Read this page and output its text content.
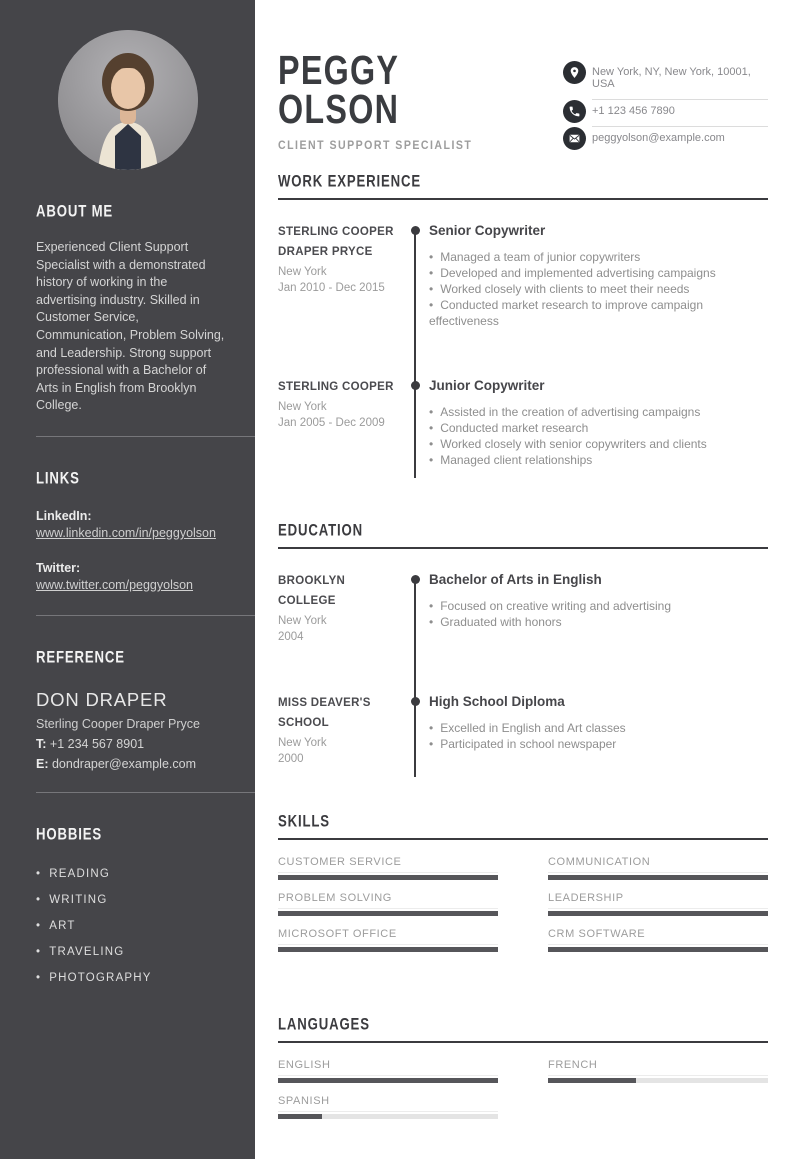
ABOUT ME

Experienced Client Support Specialist with a demonstrated history of working in the advertising industry. Skilled in Customer Service, Communication, Problem Solving, and Leadership. Strong support professional with a Bachelor of Arts in English from Brooklyn College.

LINKS
LinkedIn:
www.linkedin.com/in/peggyolson
Twitter:
www.twitter.com/peggyolson
REFERENCE
DON DRAPER
Sterling Cooper Draper Pryce
T: +1 234 567 8901
E: dondraper@example.com
HOBBIES
• READING
• WRITING
• ART
• TRAVELING
• PHOTOGRAPHY
PEGGY
OLSON
CLIENT SUPPORT SPECIALIST
New York, NY, New York, 10001, USA
+1 123 456 7890
peggyolson@example.com
WORK EXPERIENCE
STERLING COOPER DRAPER PRYCE
New York
Jan 2010 - Dec 2015
Senior Copywriter
• Managed a team of junior copywriters
• Developed and implemented advertising campaigns
• Worked closely with clients to meet their needs
• Conducted market research to improve campaign effectiveness
STERLING COOPER
New York
Jan 2005 - Dec 2009
Junior Copywriter
• Assisted in the creation of advertising campaigns
• Conducted market research
• Worked closely with senior copywriters and clients
• Managed client relationships
EDUCATION
BROOKLYN COLLEGE
New York
2004
Bachelor of Arts in English
• Focused on creative writing and advertising
• Graduated with honors
MISS DEAVER'S SCHOOL
New York
2000
High School Diploma
• Excelled in English and Art classes
• Participated in school newspaper
SKILLS
CUSTOMER SERVICE	COMMUNICATION
PROBLEM SOLVING	LEADERSHIP
MICROSOFT OFFICE	CRM SOFTWARE
LANGUAGES
ENGLISH	FRENCH
SPANISH
